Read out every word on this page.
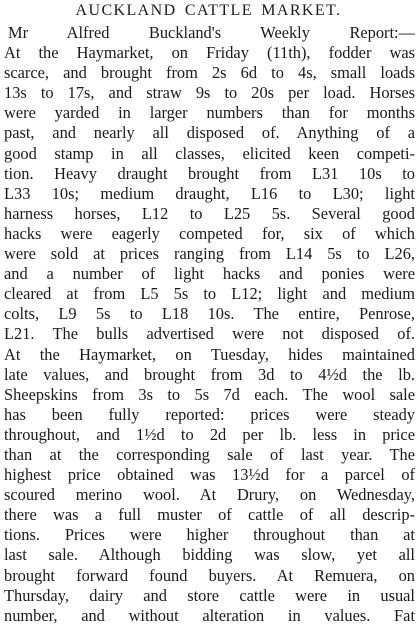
AUCKLAND CATTLE MARKET.
Mr Alfred Buckland's Weekly Report:—
At the Haymarket, on Friday (11th), fodder was
scarce, and brought from 2s 6d to 4s, small loads
13s to 17s, and straw 9s to 20s per load. Horses
were yarded in larger numbers than for months
past, and nearly all disposed of. Anything of a
good stamp in all classes, elicited keen competi-
tion. Heavy draught brought from L31 10s to
L33 10s; medium draught, L16 to L30; light
harness horses, L12 to L25 5s. Several good
hacks were eagerly competed for, six of which
were sold at prices ranging from L14 5s to L26,
and a number of light hacks and ponies were
cleared at from L5 5s to L12; light and medium
colts, L9 5s to L18 10s. The entire, Penrose,
L21. The bulls advertised were not disposed of.
At the Haymarket, on Tuesday, hides maintained
late values, and brought from 3d to 4½d the lb.
Sheepskins from 3s to 5s 7d each. The wool sale
has been fully reported: prices were steady
throughout, and 1½d to 2d per lb. less in price
than at the corresponding sale of last year. The
highest price obtained was 13½d for a parcel of
scoured merino wool. At Drury, on Wednesday,
there was a full muster of cattle of all descrip-
tions. Prices were higher throughout than at
last sale. Although bidding was slow, yet all
brought forward found buyers. At Remuera, on
Thursday, dairy and store cattle were in usual
number, and without alteration in values. Fat
